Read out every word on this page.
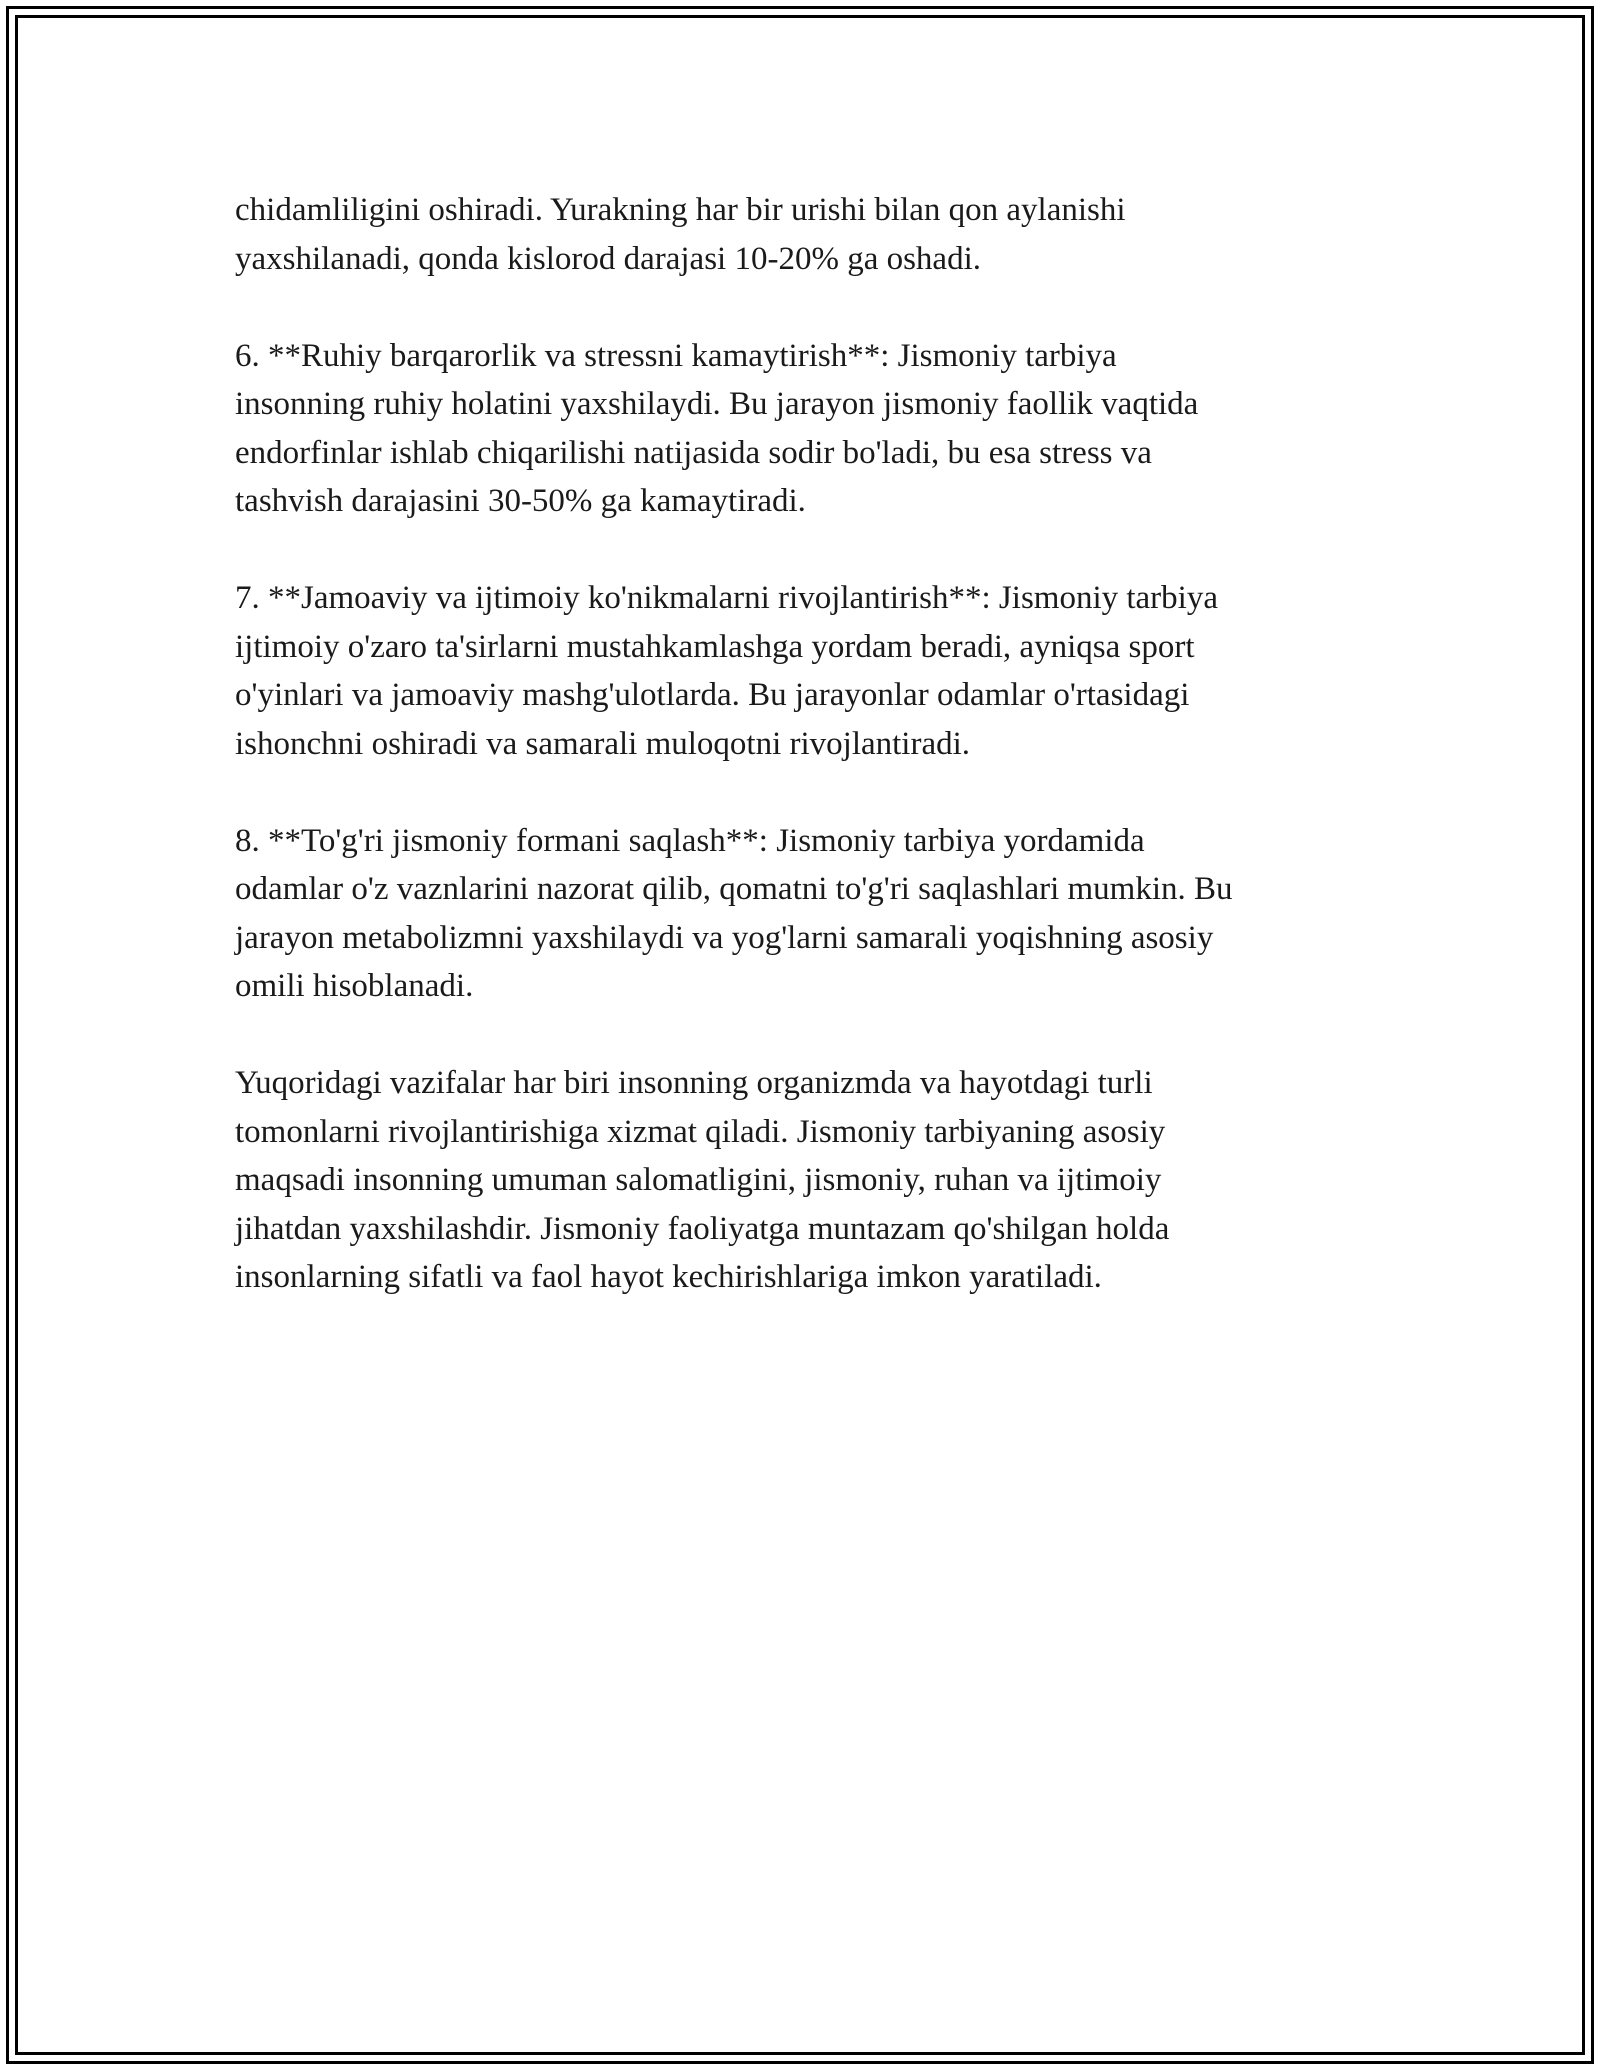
chidamliligini oshiradi. Yurakning har bir urishi bilan qon aylanishi
yaxshilanadi, qonda kislorod darajasi 10-20% ga oshadi.

6. **Ruhiy barqarorlik va stressni kamaytirish**: Jismoniy tarbiya
insonning ruhiy holatini yaxshilaydi. Bu jarayon jismoniy faollik vaqtida
endorfinlar ishlab chiqarilishi natijasida sodir bo'ladi, bu esa stress va
tashvish darajasini 30-50% ga kamaytiradi.

7. **Jamoaviy va ijtimoiy ko'nikmalarni rivojlantirish**: Jismoniy tarbiya
ijtimoiy o'zaro ta'sirlarni mustahkamlashga yordam beradi, ayniqsa sport
o'yinlari va jamoaviy mashg'ulotlarda. Bu jarayonlar odamlar o'rtasidagi
ishonchni oshiradi va samarali muloqotni rivojlantiradi.

8. **To'g'ri jismoniy formani saqlash**: Jismoniy tarbiya yordamida
odamlar o'z vaznlarini nazorat qilib, qomatni to'g'ri saqlashlari mumkin. Bu
jarayon metabolizmni yaxshilaydi va yog'larni samarali yoqishning asosiy
omili hisoblanadi.

Yuqoridagi vazifalar har biri insonning organizmda va hayotdagi turli
tomonlarni rivojlantirishiga xizmat qiladi. Jismoniy tarbiyaning asosiy
maqsadi insonning umuman salomatligini, jismoniy, ruhan va ijtimoiy
jihatdan yaxshilashdir. Jismoniy faoliyatga muntazam qo'shilgan holda
insonlarning sifatli va faol hayot kechirishlariga imkon yaratiladi.
